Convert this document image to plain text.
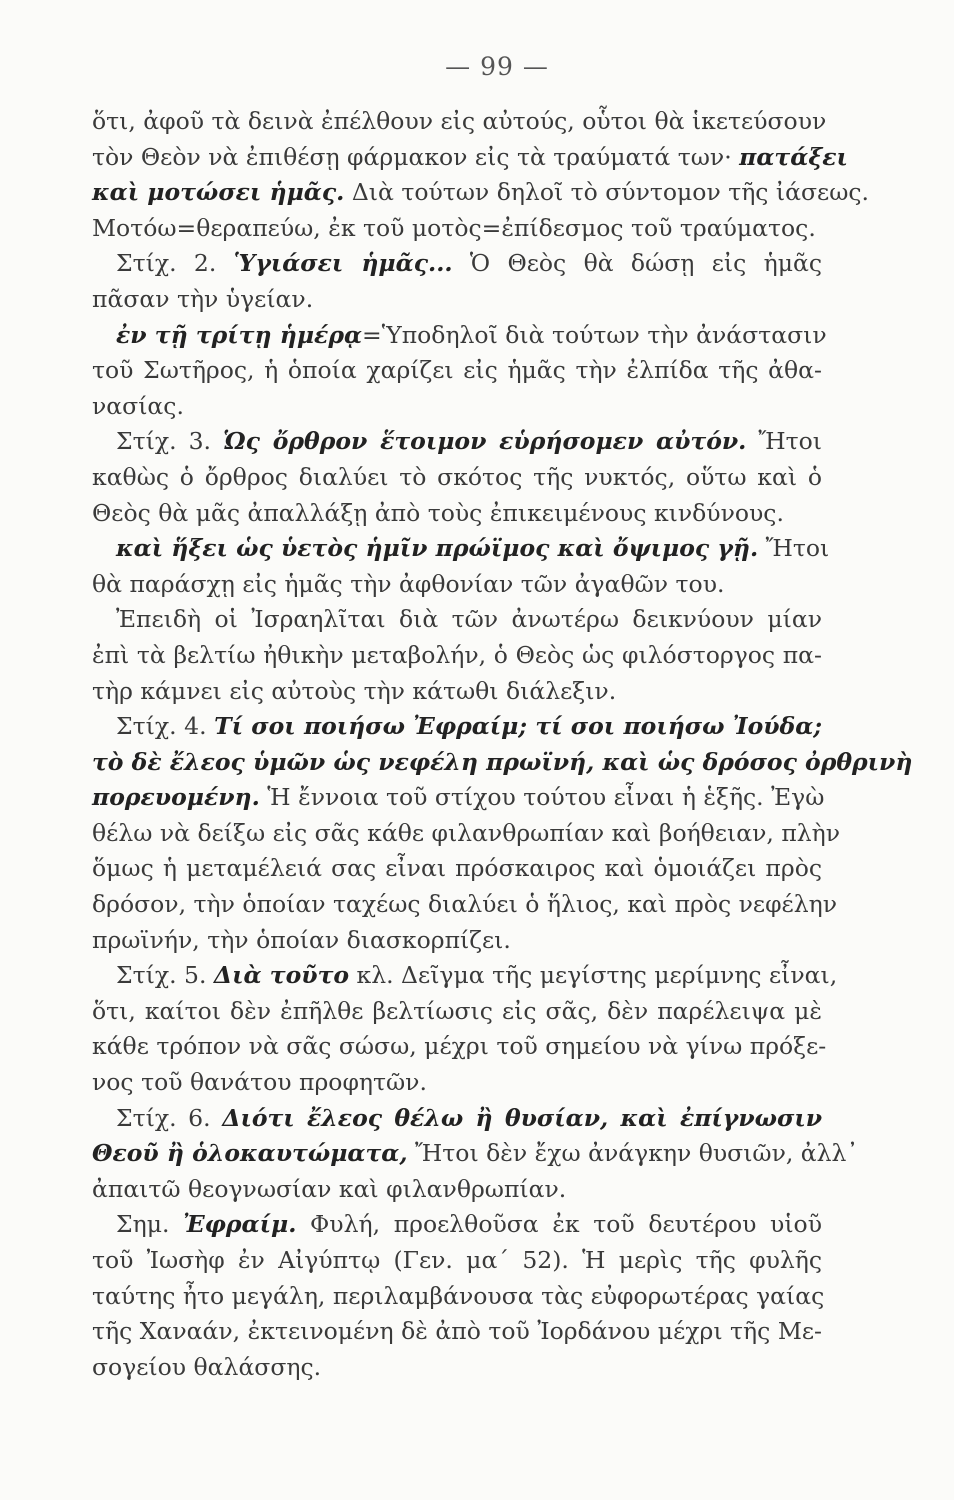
— 99 —
ὅτι, ἀφοῦ τὰ δεινὰ ἐπέλθουν εἰς αὐτούς, οὗτοι θὰ ἱκετεύσουν
τὸν Θεὸν νὰ ἐπιθέσῃ φάρμακον εἰς τὰ τραύματά των· πατάξει
καὶ μοτώσει ἡμᾶς. Διὰ τούτων δηλοῖ τὸ σύντομον τῆς ἰάσεως.
Μοτόω=θεραπεύω, ἐκ τοῦ μοτὸς=ἐπίδεσμος τοῦ τραύματος.
Στίχ. 2. Ὑγιάσει ἡμᾶς... Ὁ Θεὸς θὰ δώσῃ εἰς ἡμᾶς
πᾶσαν τὴν ὑγείαν.
ἐν τῇ τρίτῃ ἡμέρᾳ=Ὑποδηλοῖ διὰ τούτων τὴν ἀνάστασιν
τοῦ Σωτῆρος, ἡ ὁποία χαρίζει εἰς ἡμᾶς τὴν ἐλπίδα τῆς ἀθα-
νασίας.
Στίχ. 3. Ὡς ὄρθρον ἕτοιμον εὑρήσομεν αὐτόν. Ἤτοι
καθὼς ὁ ὄρθρος διαλύει τὸ σκότος τῆς νυκτός, οὕτω καὶ ὁ
Θεὸς θὰ μᾶς ἀπαλλάξῃ ἀπὸ τοὺς ἐπικειμένους κινδύνους.
καὶ ἥξει ὡς ὑετὸς ἡμῖν πρώϊμος καὶ ὄψιμος γῇ. Ἤτοι
θὰ παράσχῃ εἰς ἡμᾶς τὴν ἀφθονίαν τῶν ἀγαθῶν του.
Ἐπειδὴ οἱ Ἰσραηλῖται διὰ τῶν ἀνωτέρω δεικνύουν μίαν
ἐπὶ τὰ βελτίω ἠθικὴν μεταβολήν, ὁ Θεὸς ὡς φιλόστοργος πα-
τὴρ κάμνει εἰς αὐτοὺς τὴν κάτωθι διάλεξιν.
Στίχ. 4. Τί σοι ποιήσω Ἐφραίμ; τί σοι ποιήσω Ἰούδα;
τὸ δὲ ἔλεος ὑμῶν ὡς νεφέλη πρωϊνή, καὶ ὡς δρόσος ὀρθρινὴ
πορευομένη. Ἡ ἔννοια τοῦ στίχου τούτου εἶναι ἡ ἑξῆς. Ἐγὼ
θέλω νὰ δείξω εἰς σᾶς κάθε φιλανθρωπίαν καὶ βοήθειαν, πλὴν
ὅμως ἡ μεταμέλειά σας εἶναι πρόσκαιρος καὶ ὁμοιάζει πρὸς
δρόσον, τὴν ὁποίαν ταχέως διαλύει ὁ ἥλιος, καὶ πρὸς νεφέλην
πρωϊνήν, τὴν ὁποίαν διασκορπίζει.
Στίχ. 5. Διὰ τοῦτο κλ. Δεῖγμα τῆς μεγίστης μερίμνης εἶναι,
ὅτι, καίτοι δὲν ἐπῆλθε βελτίωσις εἰς σᾶς, δὲν παρέλειψα μὲ
κάθε τρόπον νὰ σᾶς σώσω, μέχρι τοῦ σημείου νὰ γίνω πρόξε-
νος τοῦ θανάτου προφητῶν.
Στίχ. 6. Διότι ἔλεος θέλω ἢ θυσίαν, καὶ ἐπίγνωσιν
Θεοῦ ἢ ὁλοκαυτώματα, Ἤτοι δὲν ἔχω ἀνάγκην θυσιῶν, ἀλλ᾽
ἀπαιτῶ θεογνωσίαν καὶ φιλανθρωπίαν.
Σημ. Ἐφραίμ. Φυλή, προελθοῦσα ἐκ τοῦ δευτέρου υἱοῦ
τοῦ Ἰωσὴφ ἐν Αἰγύπτῳ (Γεν. μα΄ 52). Ἡ μερὶς τῆς φυλῆς
ταύτης ἦτο μεγάλη, περιλαμβάνουσα τὰς εὐφορωτέρας γαίας
τῆς Χαναάν, ἐκτεινομένη δὲ ἀπὸ τοῦ Ἰορδάνου μέχρι τῆς Με-
σογείου θαλάσσης.
